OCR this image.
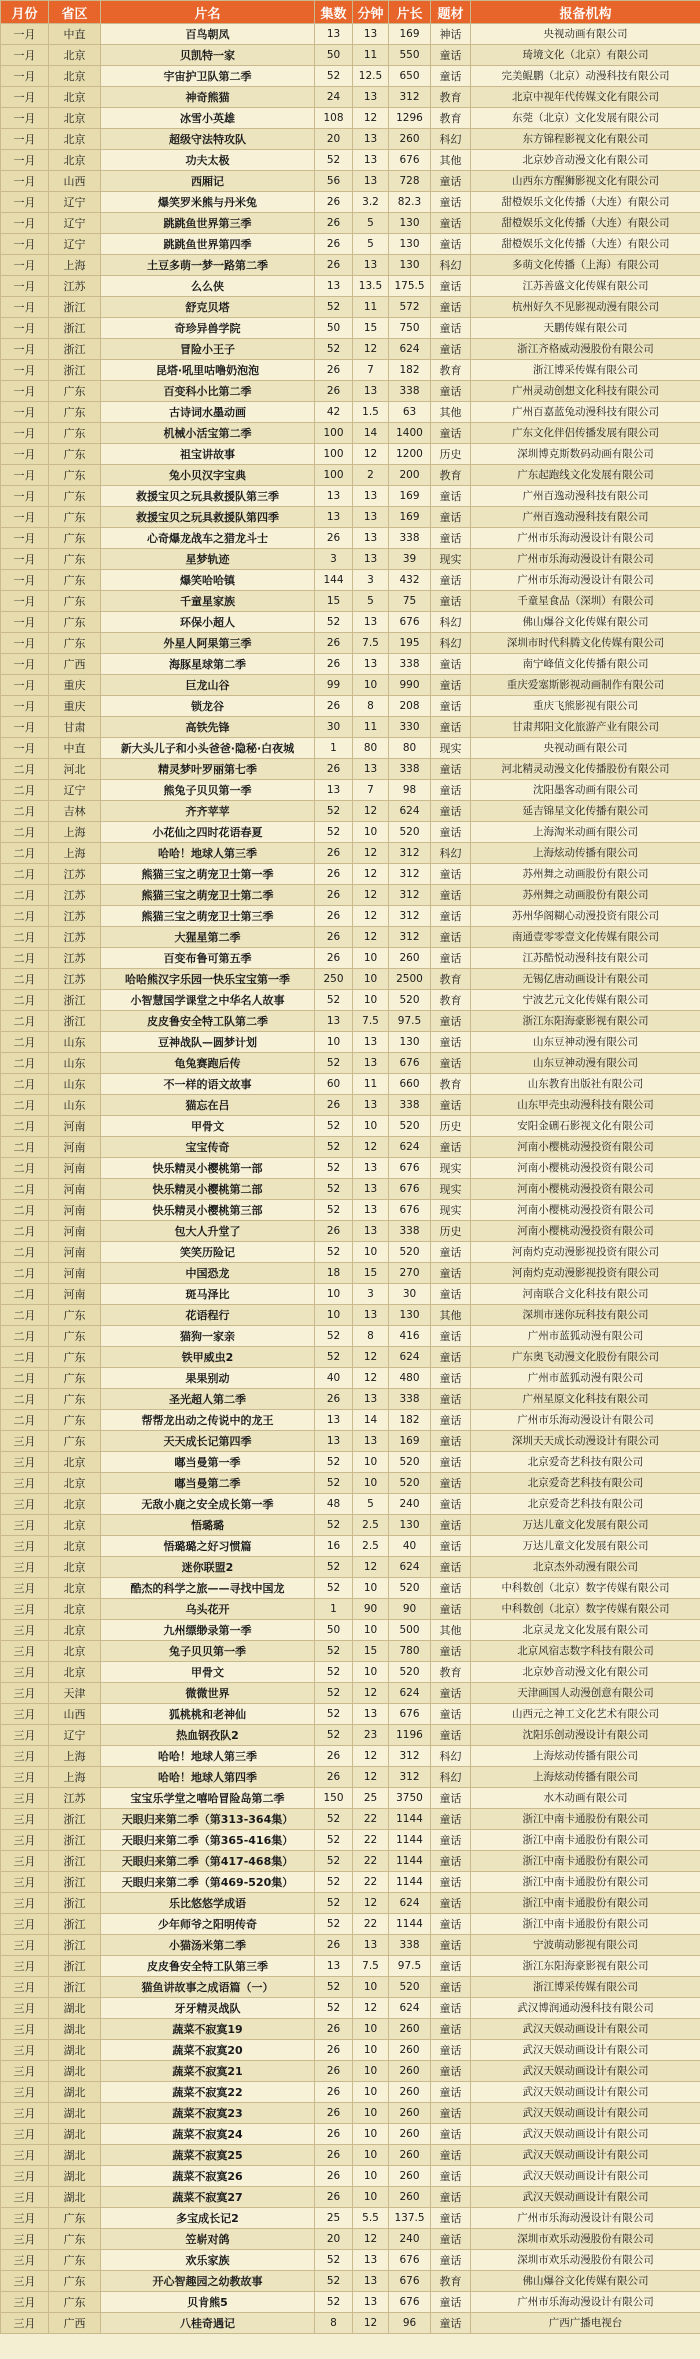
月份	省区	片名	集数	分钟	片长	题材	报备机构
一月	中直	百鸟朝凤	13	13	169	神话	央视动画有限公司
一月	北京	贝凯特一家	50	11	550	童话	琦境文化（北京）有限公司
一月	北京	宇宙护卫队第二季	52	12.5	650	童话	完美鲲鹏（北京）动漫科技有限公司
一月	北京	神奇熊猫	24	13	312	教育	北京中视年代传媒文化有限公司
一月	北京	冰雪小英雄	108	12	1296	教育	东莞（北京）文化发展有限公司
一月	北京	超级守法特攻队	20	13	260	科幻	东方锦程影视文化有限公司
一月	北京	功夫太极	52	13	676	其他	北京妙音动漫文化有限公司
一月	山西	西厢记	56	13	728	童话	山西东方醒狮影视文化有限公司
一月	辽宁	爆笑罗米熊与丹米兔	26	3.2	82.3	童话	甜橙娱乐文化传播（大连）有限公司
一月	辽宁	跳跳鱼世界第三季	26	5	130	童话	甜橙娱乐文化传播（大连）有限公司
一月	辽宁	跳跳鱼世界第四季	26	5	130	童话	甜橙娱乐文化传播（大连）有限公司
一月	上海	土豆多萌一梦一路第二季	26	13	130	科幻	多萌文化传播（上海）有限公司
一月	江苏	么么侠	13	13.5	175.5	童话	江苏善盛文化传媒有限公司
一月	浙江	舒克贝塔	52	11	572	童话	杭州好久不见影视动漫有限公司
一月	浙江	奇珍异兽学院	50	15	750	童话	天鹏传媒有限公司
一月	浙江	冒险小王子	52	12	624	童话	浙江齐格威动漫股份有限公司
一月	浙江	昆塔·吼里咕噜奶泡泡	26	7	182	教育	浙江博采传媒有限公司
一月	广东	百变科小比第二季	26	13	338	童话	广州灵动创想文化科技有限公司
一月	广东	古诗词水墨动画	42	1.5	63	其他	广州百嘉蓝兔动漫科技有限公司
一月	广东	机械小活宝第二季	100	14	1400	童话	广东文化伴侣传播发展有限公司
一月	广东	祖宝讲故事	100	12	1200	历史	深圳博克斯数码动画有限公司
一月	广东	兔小贝汉字宝典	100	2	200	教育	广东起跑线文化发展有限公司
一月	广东	救援宝贝之玩具救援队第三季	13	13	169	童话	广州百逸动漫科技有限公司
一月	广东	救援宝贝之玩具救援队第四季	13	13	169	童话	广州百逸动漫科技有限公司
一月	广东	心奇爆龙战车之猎龙斗士	26	13	338	童话	广州市乐海动漫设计有限公司
一月	广东	星梦轨迹	3	13	39	现实	广州市乐海动漫设计有限公司
一月	广东	爆笑哈哈镇	144	3	432	童话	广州市乐海动漫设计有限公司
一月	广东	千童星家族	15	5	75	童话	千童星食品（深圳）有限公司
一月	广东	环保小超人	52	13	676	科幻	佛山爆谷文化传媒有限公司
一月	广东	外星人阿果第三季	26	7.5	195	科幻	深圳市时代科腾文化传媒有限公司
一月	广西	海豚星球第二季	26	13	338	童话	南宁峰值文化传播有限公司
一月	重庆	巨龙山谷	99	10	990	童话	重庆爱塞斯影视动画制作有限公司
一月	重庆	锁龙谷	26	8	208	童话	重庆飞熊影视有限公司
一月	甘肃	高铁先锋	30	11	330	童话	甘肃邦阳文化旅游产业有限公司
一月	中直	新大头儿子和小头爸爸·隐秘·白夜城	1	80	80	现实	央视动画有限公司
二月	河北	精灵梦叶罗丽第七季	26	13	338	童话	河北精灵动漫文化传播股份有限公司
二月	辽宁	熊兔子贝贝第一季	13	7	98	童话	沈阳墨客动画有限公司
二月	吉林	齐齐苹苹	52	12	624	童话	延吉锦星文化传播有限公司
二月	上海	小花仙之四时花语春夏	52	10	520	童话	上海淘米动画有限公司
二月	上海	哈哈！地球人第三季	26	12	312	科幻	上海炫动传播有限公司
二月	江苏	熊猫三宝之萌宠卫士第一季	26	12	312	童话	苏州舞之动画股份有限公司
二月	江苏	熊猫三宝之萌宠卫士第二季	26	12	312	童话	苏州舞之动画股份有限公司
二月	江苏	熊猫三宝之萌宠卫士第三季	26	12	312	童话	苏州华阁糊心动漫投资有限公司
二月	江苏	大猩星第二季	26	12	312	童话	南通壹零零壹文化传媒有限公司
二月	江苏	百变布鲁可第五季	26	10	260	童话	江苏酷悦动漫科技有限公司
二月	江苏	哈哈熊汉字乐园一快乐宝宝第一季	250	10	2500	教育	无锡亿唐动画设计有限公司
二月	浙江	小智慧国学课堂之中华名人故事	52	10	520	教育	宁波艺元文化传媒有限公司
二月	浙江	皮皮鲁安全特工队第二季	13	7.5	97.5	童话	浙江东阳海豪影视有限公司
二月	山东	豆神战队—圆梦计划	10	13	130	童话	山东豆神动漫有限公司
二月	山东	龟兔赛跑后传	52	13	676	童话	山东豆神动漫有限公司
二月	山东	不一样的语文故事	60	11	660	教育	山东教育出版社有限公司
二月	山东	猫忘在吕	26	13	338	童话	山东甲壳虫动漫科技有限公司
二月	河南	甲骨文	52	10	520	历史	安阳金硎石影视文化有限公司
二月	河南	宝宝传奇	52	12	624	童话	河南小樱桃动漫投资有限公司
二月	河南	快乐精灵小樱桃第一部	52	13	676	现实	河南小樱桃动漫投资有限公司
二月	河南	快乐精灵小樱桃第二部	52	13	676	现实	河南小樱桃动漫投资有限公司
二月	河南	快乐精灵小樱桃第三部	52	13	676	现实	河南小樱桃动漫投资有限公司
二月	河南	包大人升堂了	26	13	338	历史	河南小樱桃动漫投资有限公司
二月	河南	笑笑历险记	52	10	520	童话	河南灼克动漫影视投资有限公司
二月	河南	中国恐龙	18	15	270	童话	河南灼克动漫影视投资有限公司
二月	河南	斑马泽比	10	3	30	童话	河南联合文化科技有限公司
二月	广东	花语程行	10	13	130	其他	深圳市迷你玩科技有限公司
二月	广东	猫狗一家亲	52	8	416	童话	广州市蓝狐动漫有限公司
二月	广东	铁甲威虫2	52	12	624	童话	广东奥飞动漫文化股份有限公司
二月	广东	果果别动	40	12	480	童话	广州市蓝狐动漫有限公司
二月	广东	圣光超人第二季	26	13	338	童话	广州星原文化科技有限公司
二月	广东	帮帮龙出动之传说中的龙王	13	14	182	童话	广州市乐海动漫设计有限公司
三月	广东	天天成长记第四季	13	13	169	童话	深圳天天成长动漫设计有限公司
三月	北京	嘟当曼第一季	52	10	520	童话	北京爱奇艺科技有限公司
三月	北京	嘟当曼第二季	52	10	520	童话	北京爱奇艺科技有限公司
三月	北京	无敌小鹿之安全成长第一季	48	5	240	童话	北京爱奇艺科技有限公司
三月	北京	悟璐璐	52	2.5	130	童话	万达儿童文化发展有限公司
三月	北京	悟璐璐之好习惯篇	16	2.5	40	童话	万达儿童文化发展有限公司
三月	北京	迷你联盟2	52	12	624	童话	北京杰外动漫有限公司
三月	北京	酷杰的科学之旅——寻找中国龙	52	10	520	童话	中科数创（北京）数字传媒有限公司
三月	北京	乌头花开	1	90	90	童话	中科数创（北京）数字传媒有限公司
三月	北京	九州缥缈录第一季	50	10	500	其他	北京灵龙文化发展有限公司
三月	北京	兔子贝贝第一季	52	15	780	童话	北京风宿志数字科技有限公司
三月	北京	甲骨文	52	10	520	教育	北京妙音动漫文化有限公司
三月	天津	微微世界	52	12	624	童话	天津画国人动漫创意有限公司
三月	山西	狐桃桃和老神仙	52	13	676	童话	山西元之神工文化艺术有限公司
三月	辽宁	热血钢孜队2	52	23	1196	童话	沈阳乐创动漫设计有限公司
三月	上海	哈哈！地球人第三季	26	12	312	科幻	上海炫动传播有限公司
三月	上海	哈哈！地球人第四季	26	12	312	科幻	上海炫动传播有限公司
三月	江苏	宝宝乐学堂之嘻哈冒险岛第二季	150	25	3750	童话	水木动画有限公司
三月	浙江	天眼归来第二季（第313-364集）	52	22	1144	童话	浙江中南卡通股份有限公司
三月	浙江	天眼归来第二季（第365-416集）	52	22	1144	童话	浙江中南卡通股份有限公司
三月	浙江	天眼归来第二季（第417-468集）	52	22	1144	童话	浙江中南卡通股份有限公司
三月	浙江	天眼归来第二季（第469-520集）	52	22	1144	童话	浙江中南卡通股份有限公司
三月	浙江	乐比悠悠学成语	52	12	624	童话	浙江中南卡通股份有限公司
三月	浙江	少年师爷之阳明传奇	52	22	1144	童话	浙江中南卡通股份有限公司
三月	浙江	小猫汤米第二季	26	13	338	童话	宁波萌动影视有限公司
三月	浙江	皮皮鲁安全特工队第三季	13	7.5	97.5	童话	浙江东阳海豪影视有限公司
三月	浙江	猫鱼讲故事之成语篇（一）	52	10	520	童话	浙江博采传媒有限公司
三月	湖北	牙牙精灵战队	52	12	624	童话	武汉博润通动漫科技有限公司
三月	湖北	蔬菜不寂寞19	26	10	260	童话	武汉天娱动画设计有限公司
三月	湖北	蔬菜不寂寞20	26	10	260	童话	武汉天娱动画设计有限公司
三月	湖北	蔬菜不寂寞21	26	10	260	童话	武汉天娱动画设计有限公司
三月	湖北	蔬菜不寂寞22	26	10	260	童话	武汉天娱动画设计有限公司
三月	湖北	蔬菜不寂寞23	26	10	260	童话	武汉天娱动画设计有限公司
三月	湖北	蔬菜不寂寞24	26	10	260	童话	武汉天娱动画设计有限公司
三月	湖北	蔬菜不寂寞25	26	10	260	童话	武汉天娱动画设计有限公司
三月	湖北	蔬菜不寂寞26	26	10	260	童话	武汉天娱动画设计有限公司
三月	湖北	蔬菜不寂寞27	26	10	260	童话	武汉天娱动画设计有限公司
三月	广东	多宝成长记2	25	5.5	137.5	童话	广州市乐海动漫设计有限公司
三月	广东	笠崭对鸽	20	12	240	童话	深圳市欢乐动漫股份有限公司
三月	广东	欢乐家族	52	13	676	童话	深圳市欢乐动漫股份有限公司
三月	广东	开心智趣园之幼教故事	52	13	676	教育	佛山爆谷文化传媒有限公司
三月	广东	贝肯熊5	52	13	676	童话	广州市乐海动漫设计有限公司
三月	广西	八桂奇遇记	8	12	96	童话	广西广播电视台
